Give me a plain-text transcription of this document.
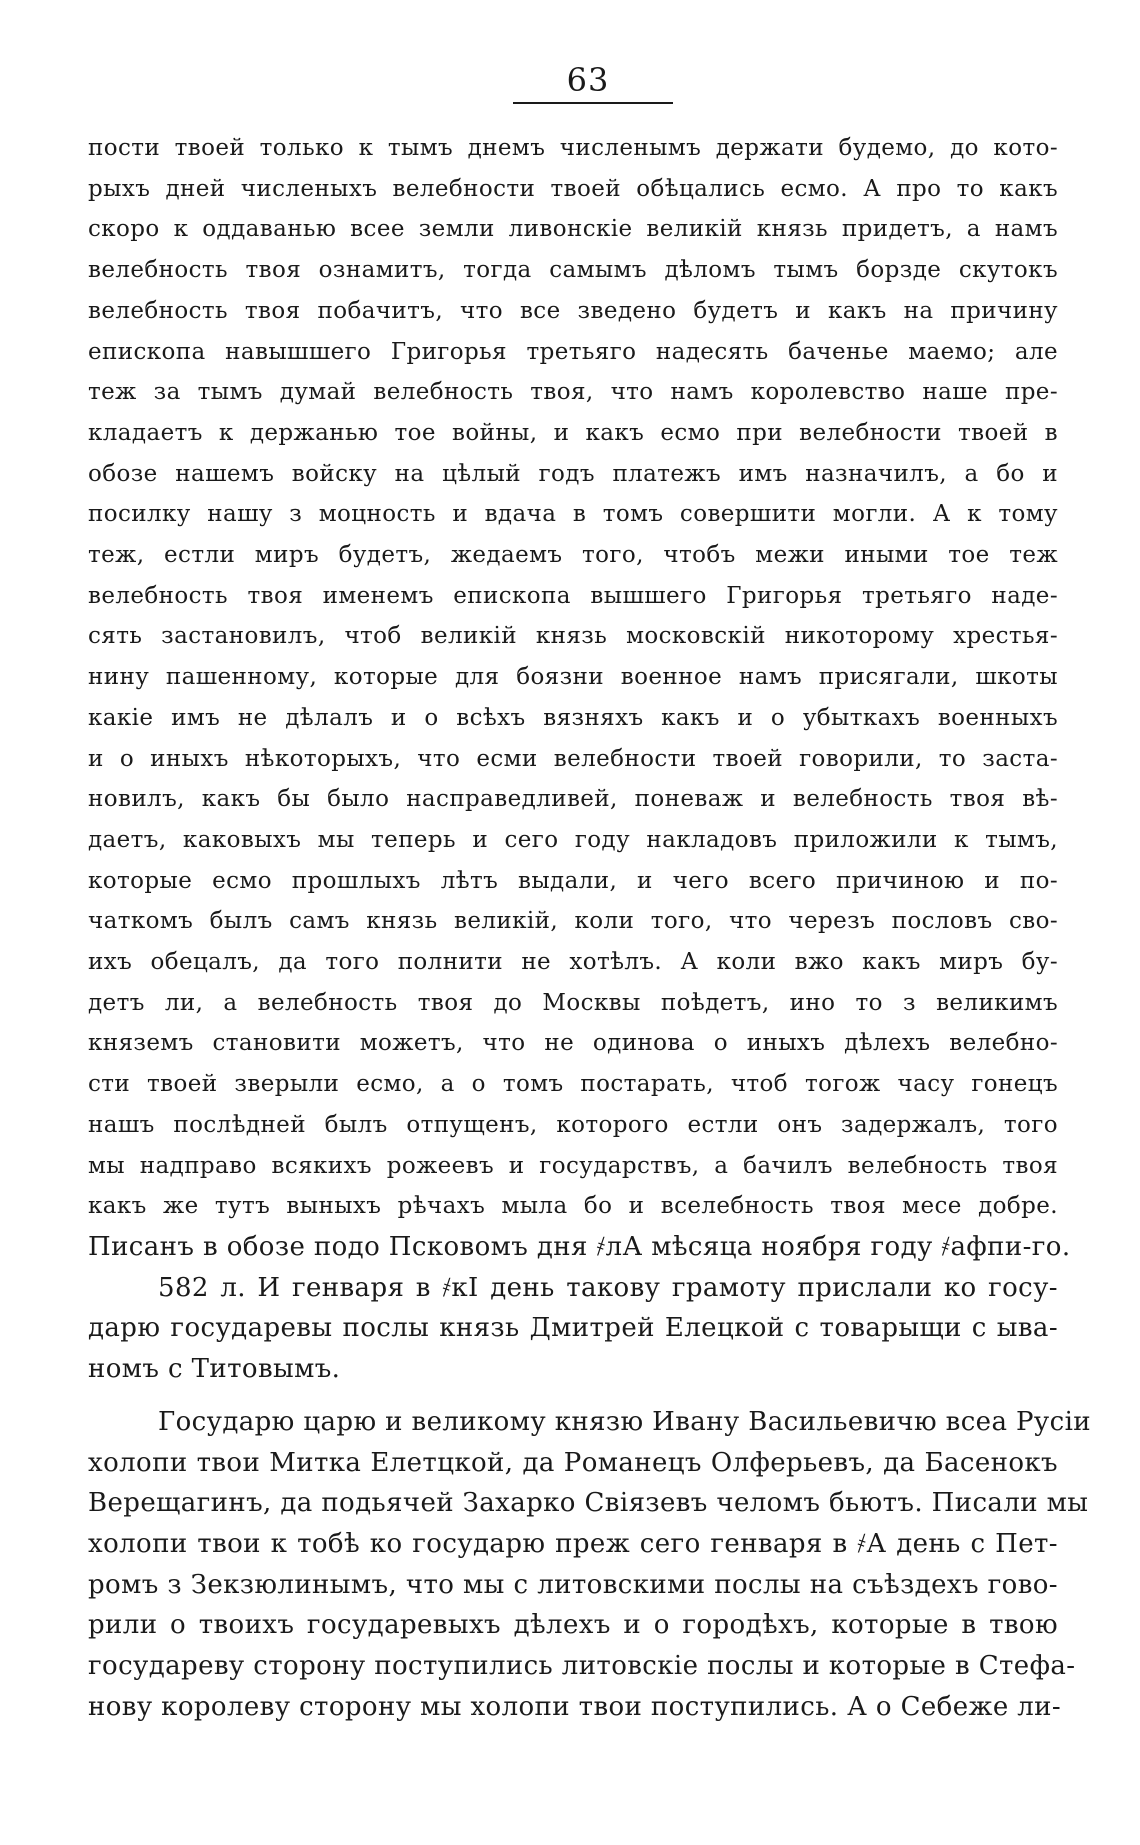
63
пости твоей только к тымъ днемъ численымъ держати будемо, до кото-
рыхъ дней численыхъ велебности твоей обѣцались есмо. А про то какъ
скоро к оддаванью всее земли ливонскіе великій князь придетъ, а намъ
велебность твоя ознамитъ, тогда самымъ дѣломъ тымъ борзде скутокъ
велебность твоя побачитъ, что все зведено будетъ и какъ на причину
епископа навышшего Григорья третьяго надесять баченье маемо; але
теж за тымъ думай велебность твоя, что намъ королевство наше пре-
кладаетъ к держанью тое войны, и какъ есмо при велебности твоей в
обозе нашемъ войску на цѣлый годъ платежъ имъ назначилъ, а бо и
посилку нашу з моцность и вдача в томъ совершити могли. А к тому
теж, естли миръ будетъ, жедаемъ того, чтобъ межи иными тое теж
велебность твоя именемъ епископа вышшего Григорья третьяго наде-
сять застановилъ, чтоб великій князь московскій никоторому хрестья-
нину пашенному, которые для боязни военное намъ присягали, шкоты
какіе имъ не дѣлалъ и о всѣхъ вязняхъ какъ и о убыткахъ военныхъ
и о иныхъ нѣкоторыхъ, что есми велебности твоей говорили, то заста-
новилъ, какъ бы было насправедливей, поневаж и велебность твоя вѣ-
даетъ, каковыхъ мы теперь и сего году накладовъ приложили к тымъ,
которые есмо прошлыхъ лѣтъ выдали, и чего всего причиною и по-
чаткомъ былъ самъ князь великій, коли того, что черезъ пословъ сво-
ихъ обецалъ, да того полнити не хотѣлъ. А коли вжо какъ миръ бу-
детъ ли, а велебность твоя до Москвы поѣдетъ, ино то з великимъ
княземъ становити можетъ, что не одинова о иныхъ дѣлехъ велебно-
сти твоей зверыли есмо, а о томъ постарать, чтоб тогож часу гонецъ
нашъ послѣдней былъ отпущенъ, которого естли онъ задержалъ, того
мы надправо всякихъ рожеевъ и государствъ, а бачилъ велебность твоя
какъ же тутъ выныхъ рѣчахъ мыла бо и вселебность твоя месе добре.
Писанъ в обозе подо Псковомъ дня ҂лА мѣсяца ноября году ҂афпи-го.
582 л. И генваря в ҂кІ день такову грамоту прислали ко госу-
дарю государевы послы князь Дмитрей Елецкой с товарыщи с ыва-
номъ с Титовымъ.
Государю царю и великому князю Ивану Васильевичю всеа Русіи
холопи твои Митка Елетцкой, да Романецъ Олферьевъ, да Басенокъ
Верещагинъ, да подьячей Захарко Свіязевъ челомъ бьютъ. Писали мы
холопи твои к тобѣ ко государю преж сего генваря в ҂А день с Пет-
ромъ з Зекзюлинымъ, что мы с литовскими послы на съѣздехъ гово-
рили о твоихъ государевыхъ дѣлехъ и о городѣхъ, которые в твою
государеву сторону поступились литовскіе послы и которые в Стефа-
нову королеву сторону мы холопи твои поступились. А о Себеже ли-
